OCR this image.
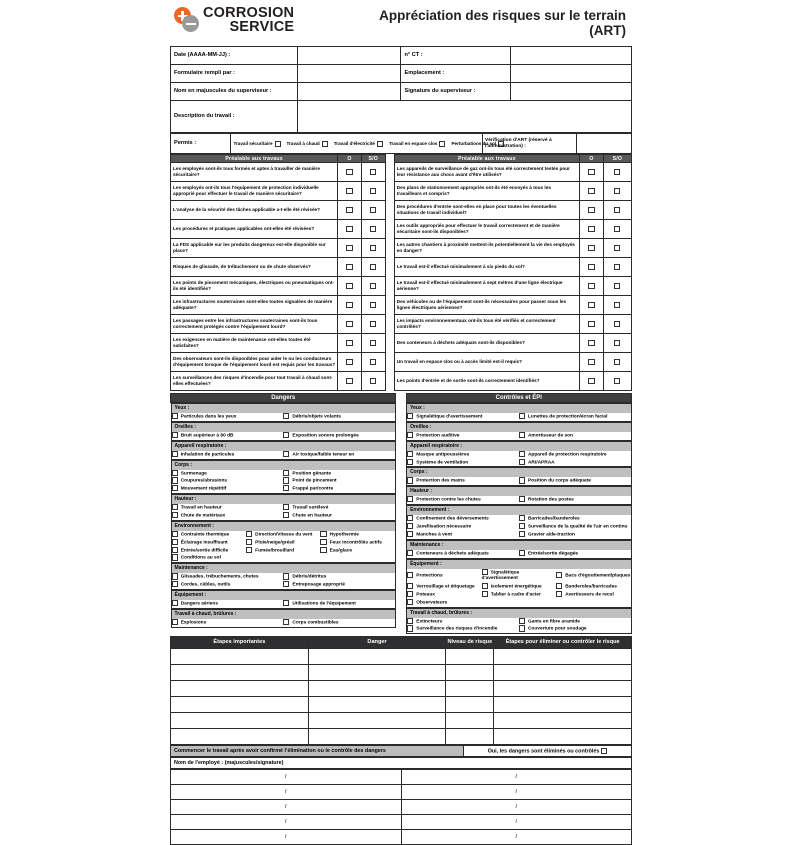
CORROSION
SERVICE
Appréciation des risques sur le terrain
(ART)
Date (AAAA-MM-JJ) :		n° CT :	
Formulaire rempli par :		Emplacement :	
Nom en majuscules du superviseur :		Signature du superviseur :	
Description du travail :			
Permis :	Travail sécuritaire	Travail à chaud	Travail d'électricité	Travail en espace clos	Perturbations du sol
	Vérification d'ART (réservé à l'administration) :	
Préalable aux travaux	O	S/O		Préalable aux travaux	O	S/O
Les employés sont-ils tous formés et aptes à travailler de manière sécuritaire?				Les appareils de surveillance de gaz ont-ils tous été correctement testés pour leur résistance aux chocs avant d'être utilisés?		
Les employés ont-ils tous l'équipement de protection individuelle approprié pour effectuer le travail de manière sécuritaire?				Des plans de stationnement appropriés ont-ils été envoyés à tous les travailleurs et compris?		
L'analyse de la sécurité des tâches applicable a-t-elle été révisée?				Des procédures d'entrée sont-elles en place pour toutes les éventuelles situations de travail individuel?		
Les procédures et pratiques applicables ont-elles été révisées?				Les outils appropriés pour effectuer le travail correctement et de manière sécuritaire sont-ils disponibles?		
La FDS applicable sur les produits dangereux est-elle disponible sur place?				Les autres chantiers à proximité mettent-ils potentiellement la vie des employés en danger?		
Risques de glissade, de trébuchement ou de chute observés?				Le travail est-il effectué minimalement à six pieds du sol?		
Les points de pincement mécaniques, électriques ou pneumatiques ont-ils été identifiés?				Le travail est-il effectué minimalement à sept mètres d'une ligne électrique aérienne?		
Les infrastructures souterraines sont-elles toutes signalées de manière adéquate?				Des véhicules ou de l'équipement sont-ils nécessaires pour passer sous les lignes électriques aériennes?		
Les passages entre les infrastructures souterraines sont-ils tous correctement protégés contre l'équipement lourd?				Les impacts environnementaux ont-ils tous été vérifiés et correctement contrôlés?		
Les exigences en matière de maintenance ont-elles toutes été satisfaites?				Des conteneurs à déchets adéquats sont-ils disponibles?		
Des observateurs sont-ils disponibles pour aider le ou les conducteurs d'équipement lorsque de l'équipement lourd est requis pour les travaux?				Un travail en espace clos ou à accès limité est-il requis?		
Les surveillances des risques d'incendie pour tout travail à chaud sont-elles effectuées?				Les points d'entrée et de sortie sont-ils correctement identifiés?		
Dangers		Contrôles et ÉPI

Yeux :
Particules dans les yeux	Débris/objets volants
Oreilles :
Bruit supérieur à 80 dB	Exposition sonore prolongée
Appareil respiratoire :
Inhalation de particules	Air toxique/faible teneur en
Corps :
Surmenage	Position gênante
Coupures/abrasions	Point de pincement
Mouvement répétitif	Frappé par/contre
Hauteur :
Travail en hauteur	Travail surélevé
Chute de matériaux	Chute en hauteur
Environnement :
Contrainte thermique	Direction/Vitesse du vent	Hypothermie
Éclairage insuffisant	Pluie/neige/grésil	Feux incontrôlés actifs
Entrée/sortie difficile	Fumée/brouillard	Eau/glace
Conditions au sol		
Maintenance :
Glissades, trébuchements, chutes	Débris/détritus
Cordes, câbles, outils	Entreposage approprié
Équipement :
Dangers aériens	Utilisations de l'équipement
Travail à chaud, brûlures :
Explosions	Corps combustibles

Yeux :
Signalétique d'avertissement	Lunettes de protection/écran facial
Oreilles :
Protection auditive	Amortisseur de son
Appareil respiratoire :
Masque antipoussières	Appareil de protection respiratoire
Système de ventilation	ARI/APRAA
Corps :
Protection des mains	Position du corps adéquate
Hauteur :
Protection contre les chutes	Rotation des postes
Environnement :
Confinement des déversements	Barricades/banderoles
Javellisation nécessaire	Surveillance de la qualité de l'air en continu
Manches à vent	Gravier aide-traction
Maintenance :
Conteneurs à déchets adéquats	Entrée/sortie dégagée
Équipement :
Protections	Signalétique d'avertissement	Bacs d'égouttement/plaques
Verrouillage et étiquetage	Isolement énergétique	Banderoles/barricades
Poteaux	Tablier à cadre d'acier	Avertisseurs de recul
Observateurs		
Travail à chaud, brûlures :
Extincteurs	Gants en fibre aramide
Surveillance des risques d'incendie	Couverture pour soudage
Étapes importantes	Danger	Niveau de risque	Étapes pour éliminer ou contrôler le risque

Commencer le travail après avoir confirmé l'élimination ou le contrôle des dangers	Oui, les dangers sont éliminés ou contrôlés
Nom de l'employé : (majuscules/signature)
/	/
/	/
/	/
/	/
/	/
